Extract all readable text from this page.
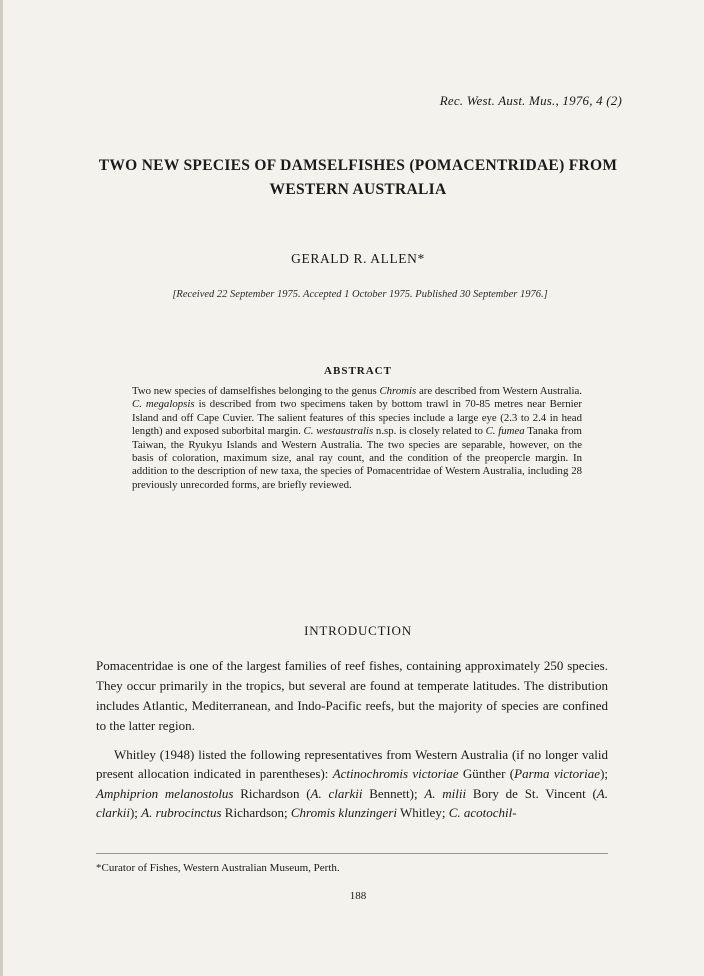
Rec. West. Aust. Mus., 1976, 4 (2)
TWO NEW SPECIES OF DAMSELFISHES (POMACENTRIDAE) FROM WESTERN AUSTRALIA
GERALD R. ALLEN*
[Received 22 September 1975. Accepted 1 October 1975. Published 30 September 1976.]
ABSTRACT
Two new species of damselfishes belonging to the genus Chromis are described from Western Australia. C. megalopsis is described from two specimens taken by bottom trawl in 70-85 metres near Bernier Island and off Cape Cuvier. The salient features of this species include a large eye (2.3 to 2.4 in head length) and exposed suborbital margin. C. westaustralis n.sp. is closely related to C. fumea Tanaka from Taiwan, the Ryukyu Islands and Western Australia. The two species are separable, however, on the basis of coloration, maximum size, anal ray count, and the condition of the preopercle margin. In addition to the description of new taxa, the species of Pomacentridae of Western Australia, including 28 previously unrecorded forms, are briefly reviewed.
INTRODUCTION
Pomacentridae is one of the largest families of reef fishes, containing approximately 250 species. They occur primarily in the tropics, but several are found at temperate latitudes. The distribution includes Atlantic, Mediterranean, and Indo-Pacific reefs, but the majority of species are confined to the latter region.
Whitley (1948) listed the following representatives from Western Australia (if no longer valid present allocation indicated in parentheses): Actinochromis victoriae Günther (Parma victoriae); Amphiprion melanostolus Richardson (A. clarkii Bennett); A. milii Bory de St. Vincent (A. clarkii); A. rubrocinctus Richardson; Chromis klunzingeri Whitley; C. acotochil-
*Curator of Fishes, Western Australian Museum, Perth.
188
